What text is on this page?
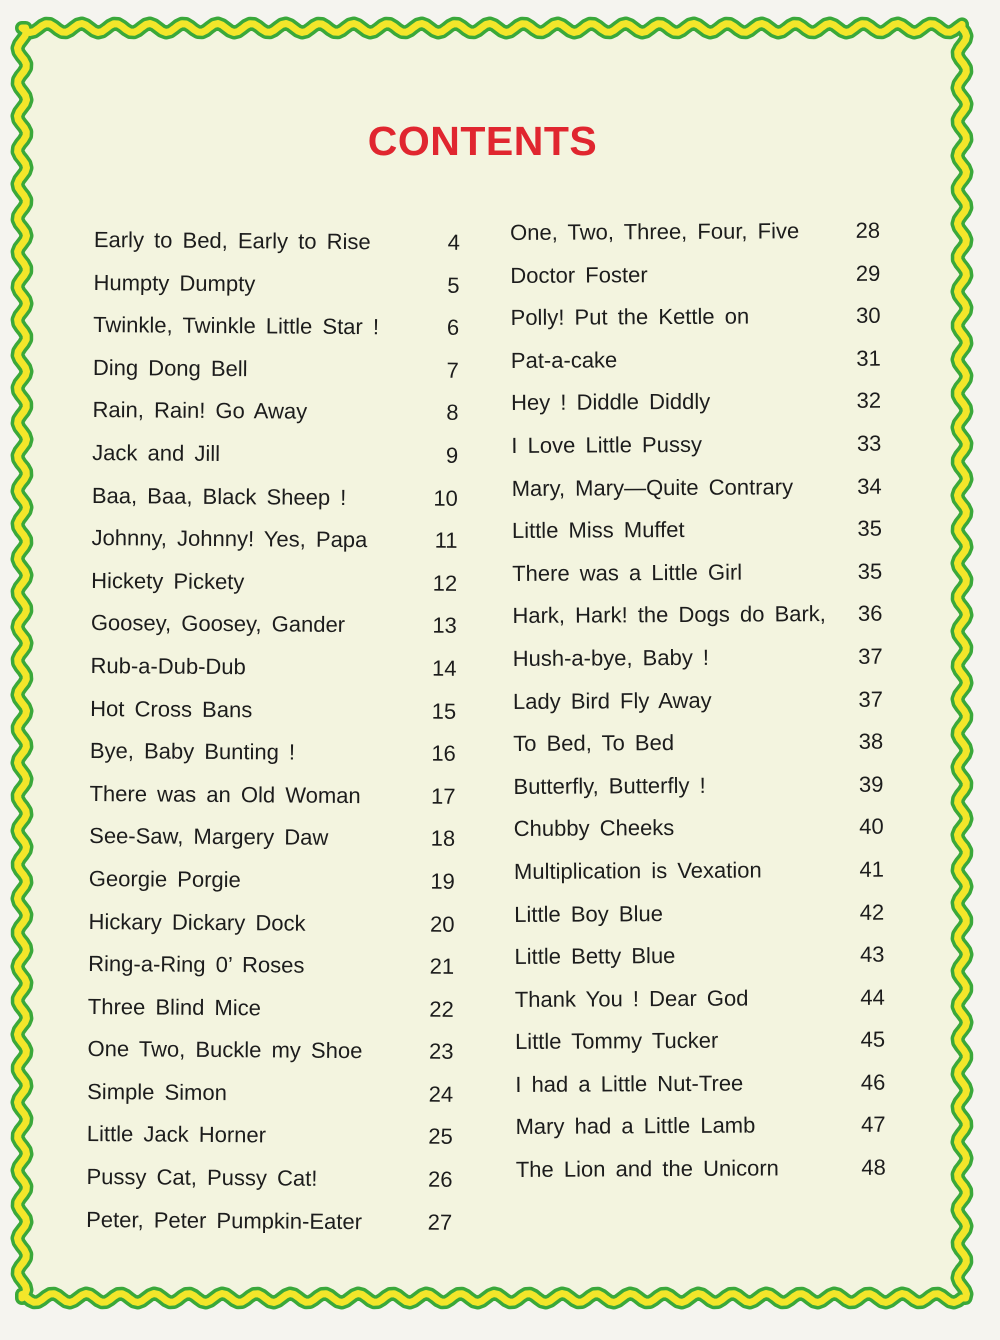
CONTENTS
Early to Bed, Early to Rise	4
Humpty Dumpty	5
Twinkle, Twinkle Little Star !	6
Ding Dong Bell	7
Rain, Rain! Go Away	8
Jack and Jill	9
Baa, Baa, Black Sheep !	10
Johnny, Johnny! Yes, Papa	11
Hickety Pickety	12
Goosey, Goosey, Gander	13
Rub-a-Dub-Dub	14
Hot Cross Bans	15
Bye, Baby Bunting !	16
There was an Old Woman	17
See-Saw, Margery Daw	18
Georgie Porgie	19
Hickary Dickary Dock	20
Ring-a-Ring 0’ Roses	21
Three Blind Mice	22
One Two, Buckle my Shoe	23
Simple Simon	24
Little Jack Horner	25
Pussy Cat, Pussy Cat!	26
Peter, Peter Pumpkin-Eater	27
One, Two, Three, Four, Five	28
Doctor Foster	29
Polly! Put the Kettle on	30
Pat-a-cake	31
Hey ! Diddle Diddly	32
I Love Little Pussy	33
Mary, Mary—Quite Contrary	34
Little Miss Muffet	35
There was a Little Girl	35
Hark, Hark! the Dogs do Bark,	36
Hush-a-bye, Baby !	37
Lady Bird Fly Away	37
To Bed, To Bed	38
Butterfly, Butterfly !	39
Chubby Cheeks	40
Multiplication is Vexation	41
Little Boy Blue	42
Little Betty Blue	43
Thank You ! Dear God	44
Little Tommy Tucker	45
I had a Little Nut-Tree	46
Mary had a Little Lamb	47
The Lion and the Unicorn	48
